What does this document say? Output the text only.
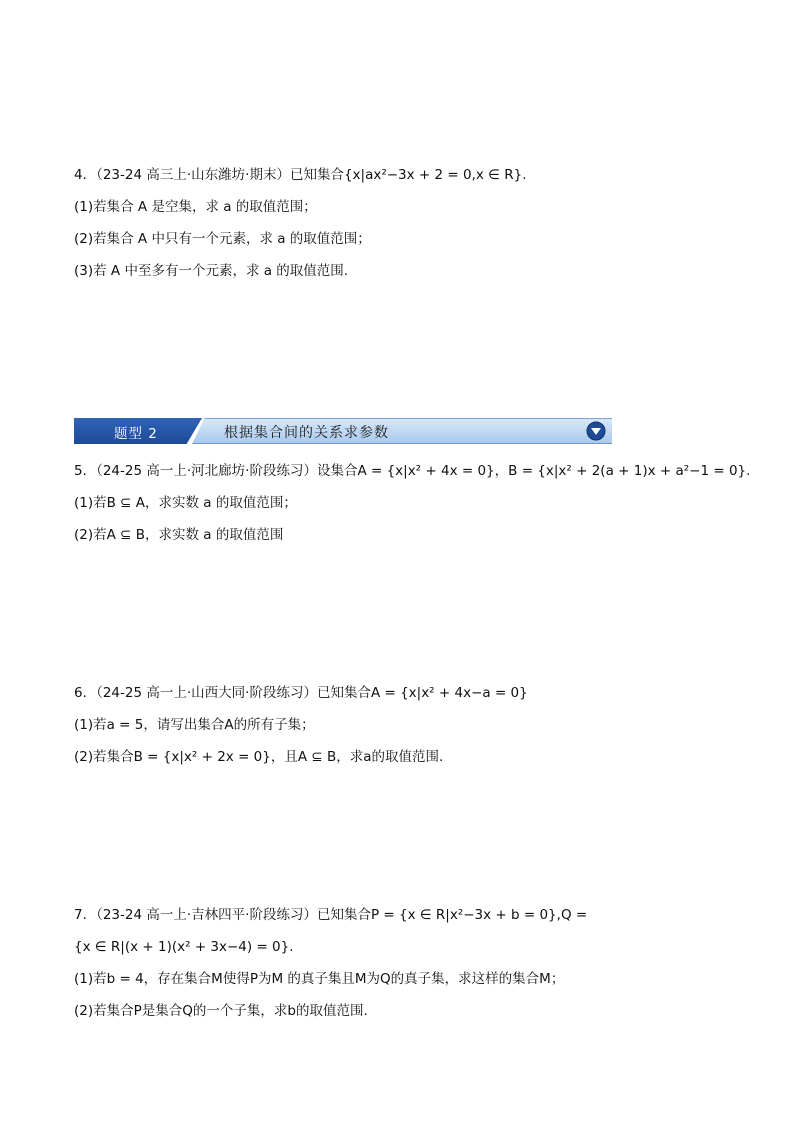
4．（23-24 高三上·山东潍坊·期末）已知集合{x|ax²−3x + 2 = 0,x ∈ R}.
(1)若集合 A 是空集，求 a 的取值范围；
(2)若集合 A 中只有一个元素，求 a 的取值范围；
(3)若 A 中至多有一个元素，求 a 的取值范围.
题型 2	根据集合间的关系求参数
5．（24-25 高一上·河北廊坊·阶段练习）设集合A = {x|x² + 4x = 0}，B = {x|x² + 2(a + 1)x + a²−1 = 0}.
(1)若B ⊆ A，求实数 a 的取值范围；
(2)若A ⊆ B，求实数 a 的取值范围
6．（24-25 高一上·山西大同·阶段练习）已知集合A = {x|x² + 4x−a = 0}
(1)若a = 5，请写出集合A的所有子集；
(2)若集合B = {x|x² + 2x = 0}，且A ⊆ B，求a的取值范围.
7．（23-24 高一上·吉林四平·阶段练习）已知集合P = {x ∈ R|x²−3x + b = 0},Q =
{x ∈ R|(x + 1)(x² + 3x−4) = 0}.
(1)若b = 4，存在集合M使得P为M 的真子集且M为Q的真子集，求这样的集合M；
(2)若集合P是集合Q的一个子集，求b的取值范围.
